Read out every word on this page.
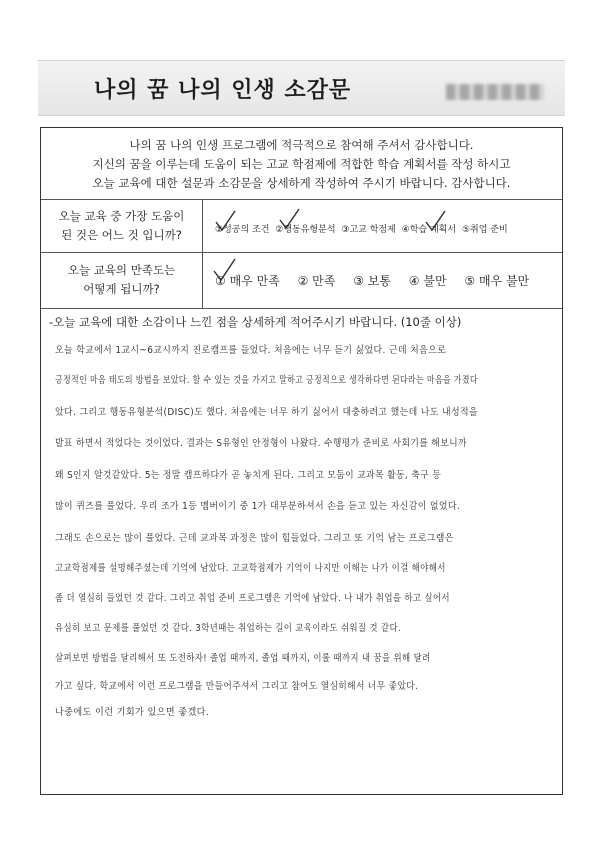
나의 꿈 나의 인생 소감문
나의 꿈 나의 인생 프로그램에 적극적으로 참여해 주셔서 감사합니다.
지신의 꿈을 이루는데 도움이 되는 고교 학점제에 적합한 학습 계획서를 작성 하시고
오늘 교육에 대한 설문과 소감문을 상세하게 작성하여 주시기 바랍니다. 감사합니다.
오늘 교육 중 가장 도움이
된 것은 어느 것 입니까?	①성공의 조건 ②행동유형분석 ③고교 학점제 ④학습 계획서 ⑤취업 준비
오늘 교육의 만족도는
어떻게 됩니까?
① 매우 만족 ② 만족 ③ 보통 ④ 불만 ⑤ 매우 불만
-오늘 교육에 대한 소감이나 느낀 점을 상세하게 적어주시기 바랍니다. (10줄 이상)
오늘 학교에서 1교시~6교시까지 진로캠프를 들었다. 처음에는 너무 듣기 싫었다. 근데 처음으로
긍정적인 마음 태도의 방법을 보았다. 할 수 있는 것을 가지고 말하고 긍정적으로 생각하다면 된다라는 마음을 가졌다
았다. 그리고 행동유형분석(DISC)도 했다. 처음에는 너무 하기 싫어서 대충하려고 했는데 나도 내성적을
발표 하면서 적었다는 것이었다. 결과는 S유형인 안정형이 나왔다. 수행평가 준비로 사회기를 해보니까
왜 S인지 알것같았다. 5는 정말 캠프하다가 곧 놓치게 된다. 그리고 모둠이 교과목 활동, 축구 등
많이 퀴즈를 풀었다. 우리 조가 1등 멤버이기 중 1가 대부분하셔서 손을 듣고 있는 자신감이 없었다.
그래도 손으로는 많이 풀었다. 근데 교과목 과정은 많이 힘들었다. 그리고 또 기억 남는 프로그램은
고교학점제를 설명해주셨는데 기억에 남았다. 고교학점제가 기억이 나지만 이해는 나가 이걸 해야해서
좀 더 열심히 들었던 것 같다. 그리고 취업 준비 프로그램은 기억에 남았다. 나 내가 취업을 하고 싶어서
유심히 보고 문제를 풀었던 것 같다. 3학년때는 취업하는 길이 교육이라도 쉬워질 것 같다.
살펴보면 방법을 달리해서 또 도전하자! 졸업 때까지, 졸업 때까지, 이룰 때까지 내 꿈을 위해 달려
가고 싶다. 학교에서 이런 프로그램을 만들어주셔서 그리고 참여도 열심히해서 너무 좋았다.
나중에도 이런 기회가 있으면 좋겠다.
